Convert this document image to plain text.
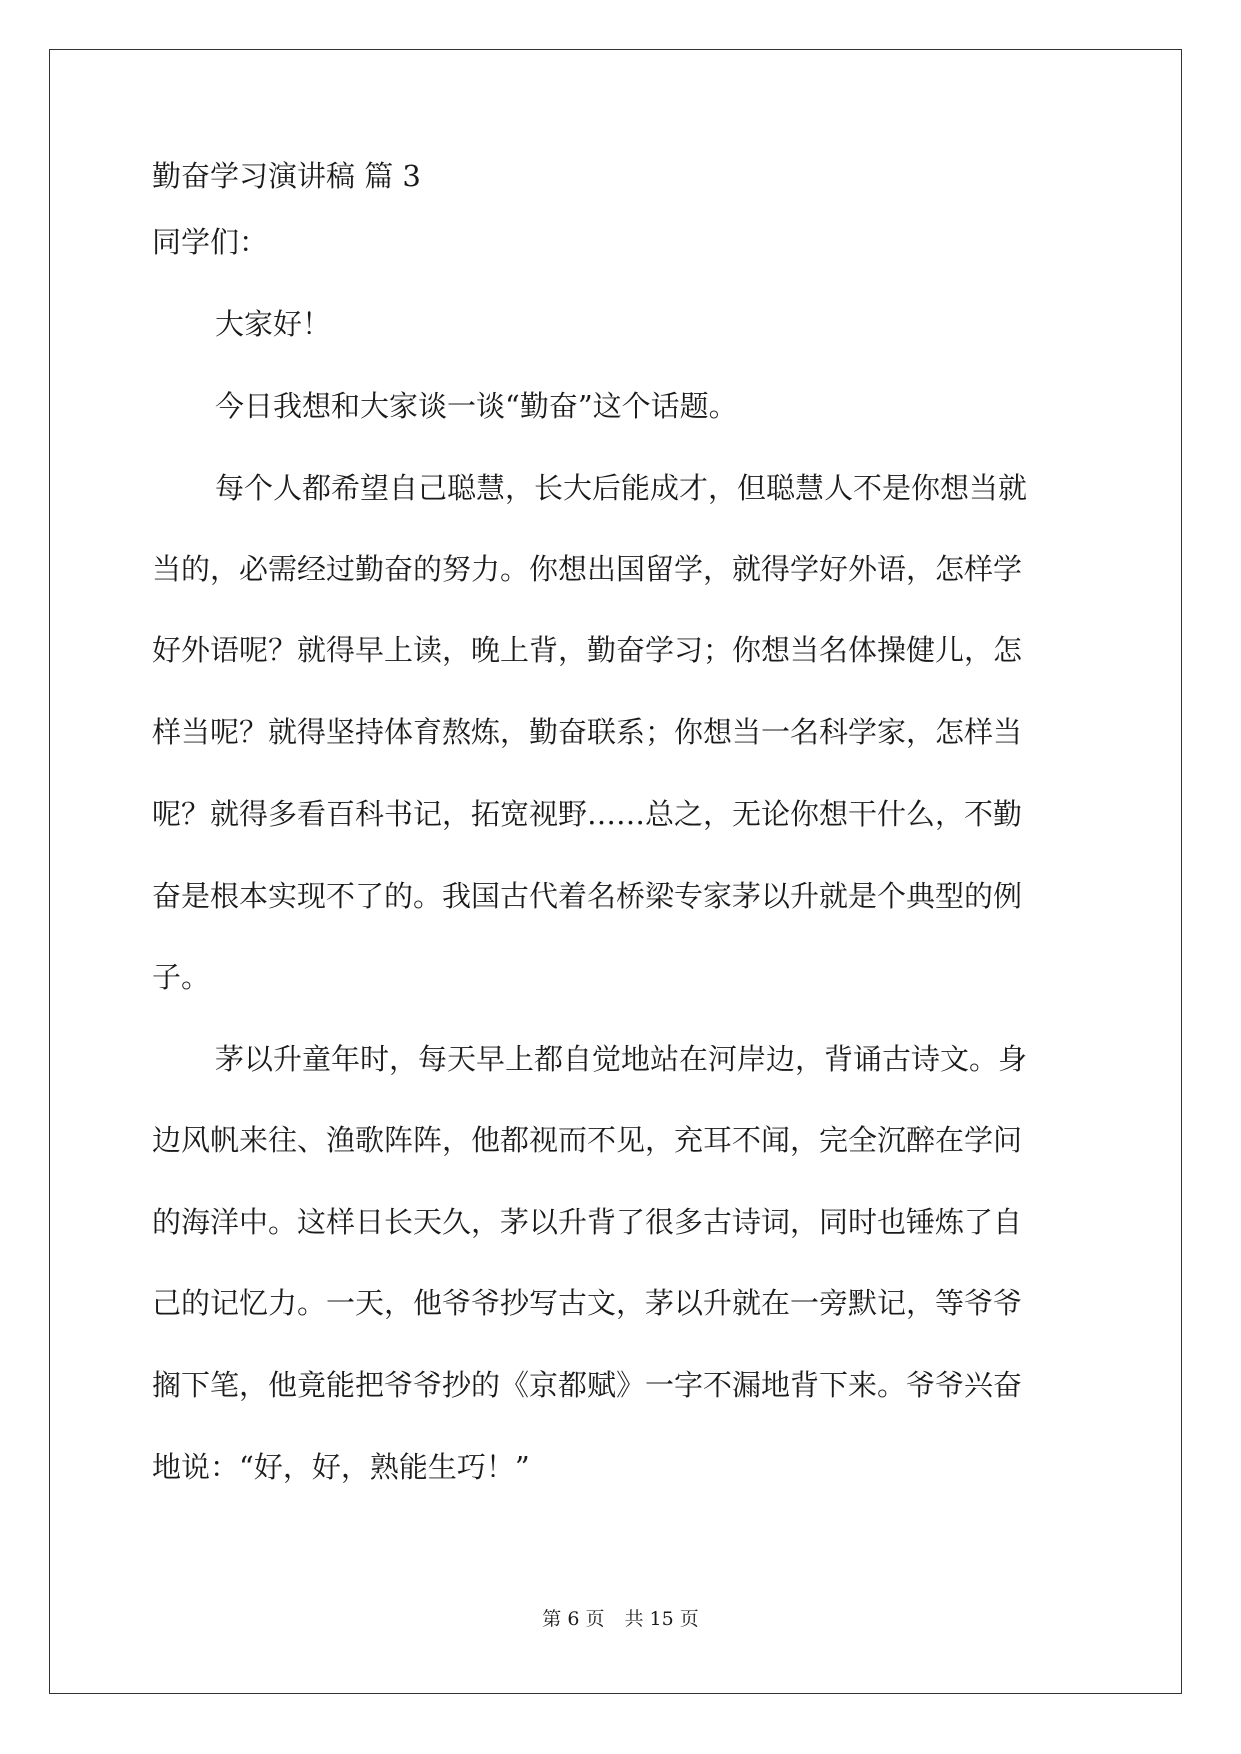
勤奋学习演讲稿 篇 3
同学们：
大家好！
今日我想和大家谈一谈“勤奋”这个话题。
每个人都希望自己聪慧，长大后能成才，但聪慧人不是你想当就
当的，必需经过勤奋的努力。你想出国留学，就得学好外语，怎样学
好外语呢？就得早上读，晚上背，勤奋学习；你想当名体操健儿，怎
样当呢？就得坚持体育熬炼，勤奋联系；你想当一名科学家，怎样当
呢？就得多看百科书记，拓宽视野……总之，无论你想干什么，不勤
奋是根本实现不了的。我国古代着名桥梁专家茅以升就是个典型的例
子。
茅以升童年时，每天早上都自觉地站在河岸边，背诵古诗文。身
边风帆来往、渔歌阵阵，他都视而不见，充耳不闻，完全沉醉在学问
的海洋中。这样日长天久，茅以升背了很多古诗词，同时也锤炼了自
己的记忆力。一天，他爷爷抄写古文，茅以升就在一旁默记，等爷爷
搁下笔，他竟能把爷爷抄的《京都赋》一字不漏地背下来。爷爷兴奋
地说：“好，好，熟能生巧！”
第 6 页 共 15 页
